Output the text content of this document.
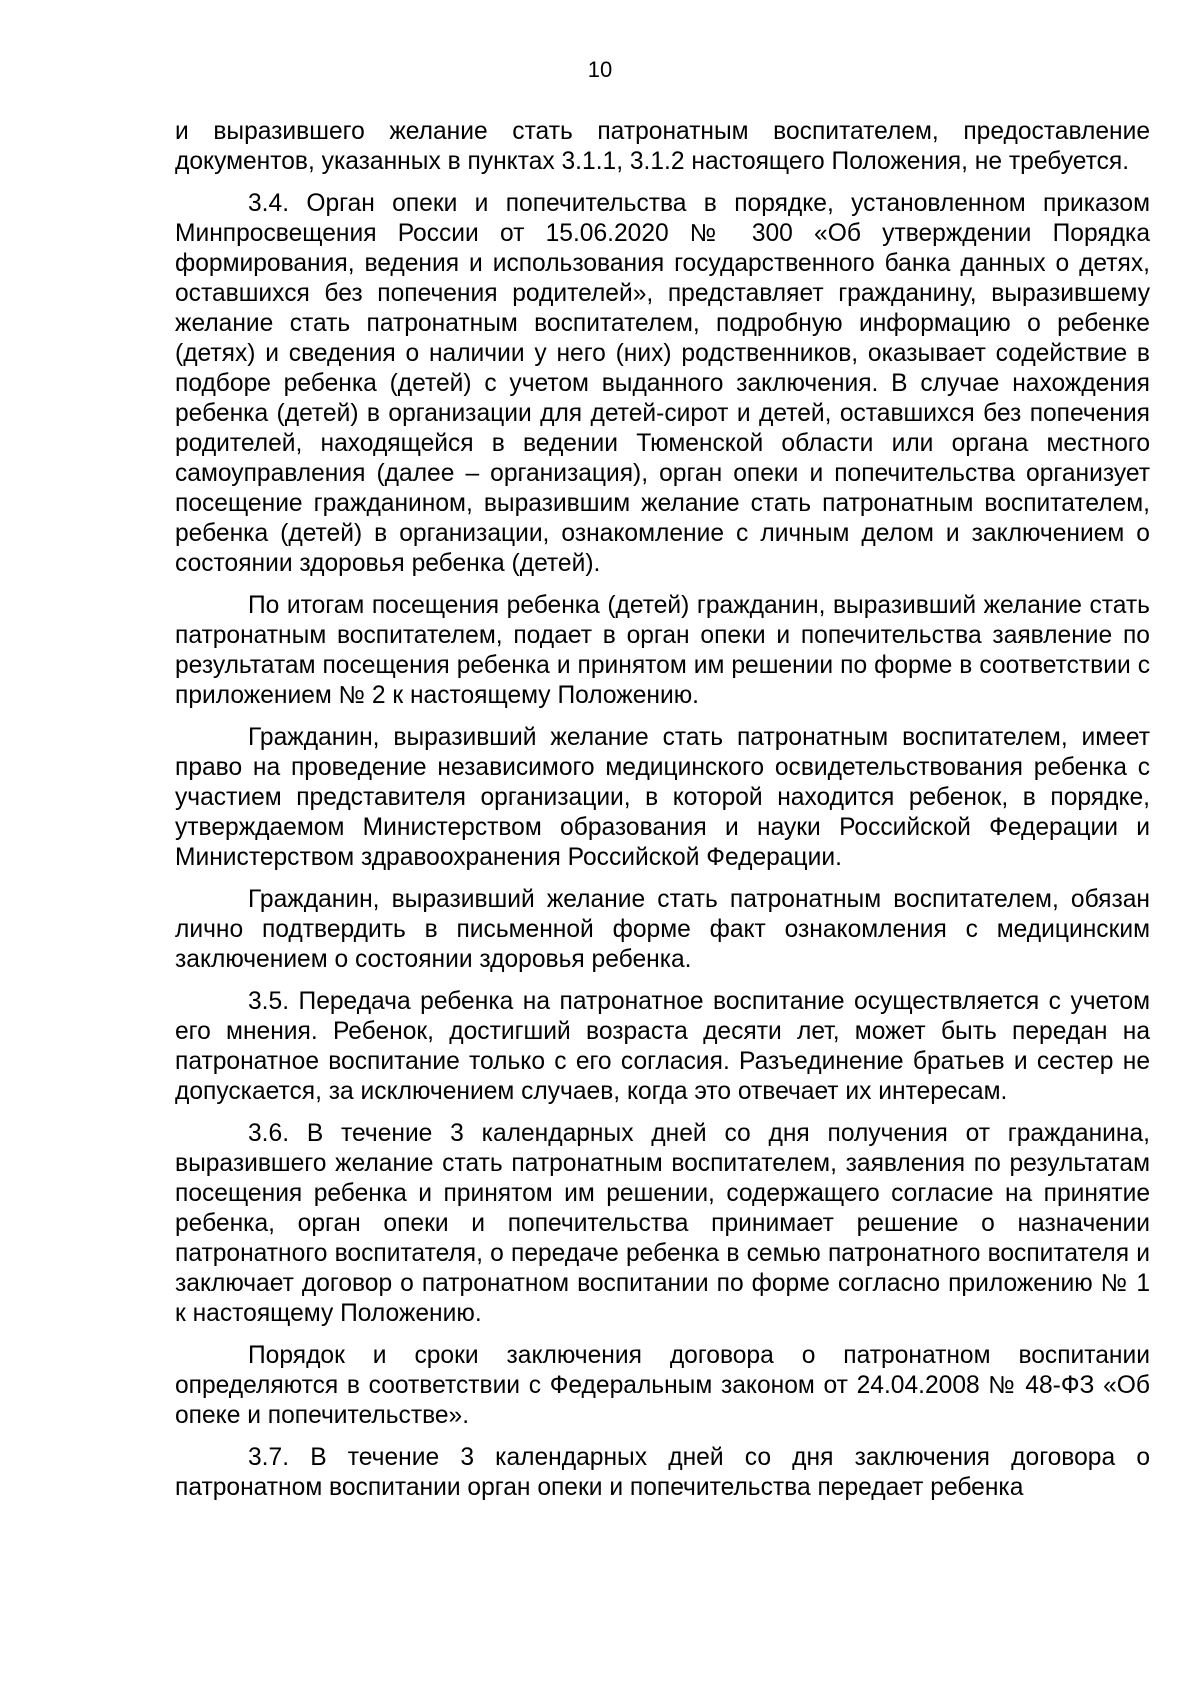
10

и выразившего желание стать патронатным воспитателем, предоставление документов, указанных в пунктах 3.1.1, 3.1.2 настоящего Положения, не требуется.

3.4. Орган опеки и попечительства в порядке, установленном приказом Минпросвещения России от 15.06.2020 № 300 «Об утверждении Порядка формирования, ведения и использования государственного банка данных о детях, оставшихся без попечения родителей», представляет гражданину, выразившему желание стать патронатным воспитателем, подробную информацию о ребенке (детях) и сведения о наличии у него (них) родственников, оказывает содействие в подборе ребенка (детей) с учетом выданного заключения. В случае нахождения ребенка (детей) в организации для детей-сирот и детей, оставшихся без попечения родителей, находящейся в ведении Тюменской области или органа местного самоуправления (далее – организация), орган опеки и попечительства организует посещение гражданином, выразившим желание стать патронатным воспитателем, ребенка (детей) в организации, ознакомление с личным делом и заключением о состоянии здоровья ребенка (детей).

По итогам посещения ребенка (детей) гражданин, выразивший желание стать патронатным воспитателем, подает в орган опеки и попечительства заявление по результатам посещения ребенка и принятом им решении по форме в соответствии с приложением № 2 к настоящему Положению.

Гражданин, выразивший желание стать патронатным воспитателем, имеет право на проведение независимого медицинского освидетельствования ребенка с участием представителя организации, в которой находится ребенок, в порядке, утверждаемом Министерством образования и науки Российской Федерации и Министерством здравоохранения Российской Федерации.

Гражданин, выразивший желание стать патронатным воспитателем, обязан лично подтвердить в письменной форме факт ознакомления с медицинским заключением о состоянии здоровья ребенка.

3.5. Передача ребенка на патронатное воспитание осуществляется с учетом его мнения. Ребенок, достигший возраста десяти лет, может быть передан на патронатное воспитание только с его согласия. Разъединение братьев и сестер не допускается, за исключением случаев, когда это отвечает их интересам.

3.6. В течение 3 календарных дней со дня получения от гражданина, выразившего желание стать патронатным воспитателем, заявления по результатам посещения ребенка и принятом им решении, содержащего согласие на принятие ребенка, орган опеки и попечительства принимает решение о назначении патронатного воспитателя, о передаче ребенка в семью патронатного воспитателя и заключает договор о патронатном воспитании по форме согласно приложению № 1 к настоящему Положению.

Порядок и сроки заключения договора о патронатном воспитании определяются в соответствии с Федеральным законом от 24.04.2008 № 48-ФЗ «Об опеке и попечительстве».

3.7. В течение 3 календарных дней со дня заключения договора о патронатном воспитании орган опеки и попечительства передает ребенка
